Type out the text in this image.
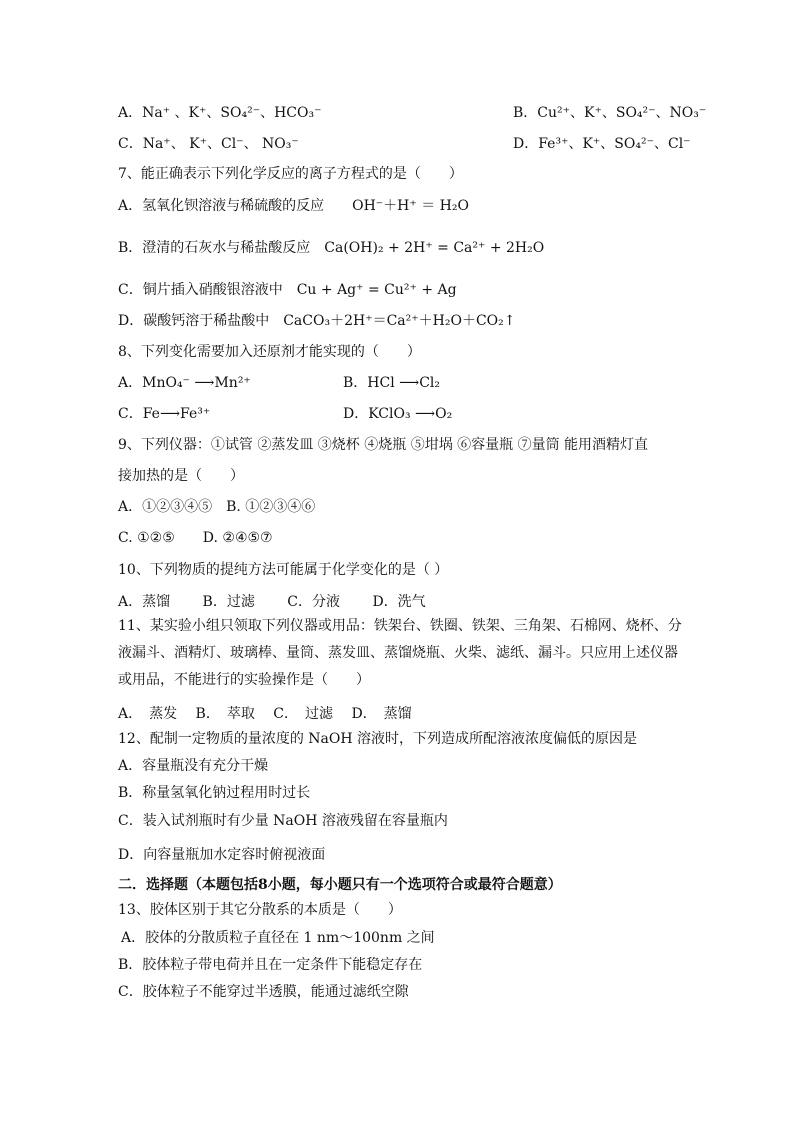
A．Na⁺ 、K⁺、SO₄²⁻、HCO₃⁻	B．Cu²⁺、K⁺、SO₄²⁻、NO₃⁻
C．Na⁺、 K⁺、Cl⁻、 NO₃⁻	D．Fe³⁺、K⁺、SO₄²⁻、Cl⁻
7、能正确表示下列化学反应的离子方程式的是（　　）
A．氢氧化钡溶液与稀硫酸的反应　　OH⁻＋H⁺ ＝ H₂O
B．澄清的石灰水与稀盐酸反应　Ca(OH)₂ + 2H⁺ = Ca²⁺ + 2H₂O
C．铜片插入硝酸银溶液中　Cu + Ag⁺ = Cu²⁺ + Ag
D．碳酸钙溶于稀盐酸中　CaCO₃＋2H⁺＝Ca²⁺＋H₂O＋CO₂↑
8、下列变化需要加入还原剂才能实现的（　　）
A．MnO₄⁻ ⟶Mn²⁺	B．HCl ⟶Cl₂
C．Fe⟶Fe³⁺	D．KClO₃ ⟶O₂
9、下列仪器：①试管 ②蒸发皿 ③烧杯 ④烧瓶 ⑤坩埚 ⑥容量瓶 ⑦量筒 能用酒精灯直
接加热的是（　　）
A．①②③④⑤　B. ①②③④⑥
C. ①②⑤　　D. ②④⑤⑦
10、下列物质的提纯方法可能属于化学变化的是（ ）
A．蒸馏　　 B．过滤　　 C．分液　　 D．洗气
11、某实验小组只领取下列仪器或用品：铁架台、铁圈、铁架、三角架、石棉网、烧杯、分
液漏斗、酒精灯、玻璃棒、量筒、蒸发皿、蒸馏烧瓶、火柴、滤纸、漏斗。只应用上述仪器
或用品，不能进行的实验操作是（　　）
A．　蒸发　 B．　萃取　 C．　过滤　 D．　蒸馏
12、配制一定物质的量浓度的 NaOH 溶液时，下列造成所配溶液浓度偏低的原因是
A．容量瓶没有充分干燥
B．称量氢氧化钠过程用时过长
C．装入试剂瓶时有少量 NaOH 溶液残留在容量瓶内
D．向容量瓶加水定容时俯视液面
二．选择题（本题包括8小题，每小题只有一个选项符合或最符合题意）
13、胶体区别于其它分散系的本质是（　　）
A．胶体的分散质粒子直径在 1 nm～100nm 之间
B．胶体粒子带电荷并且在一定条件下能稳定存在
C．胶体粒子不能穿过半透膜，能通过滤纸空隙
